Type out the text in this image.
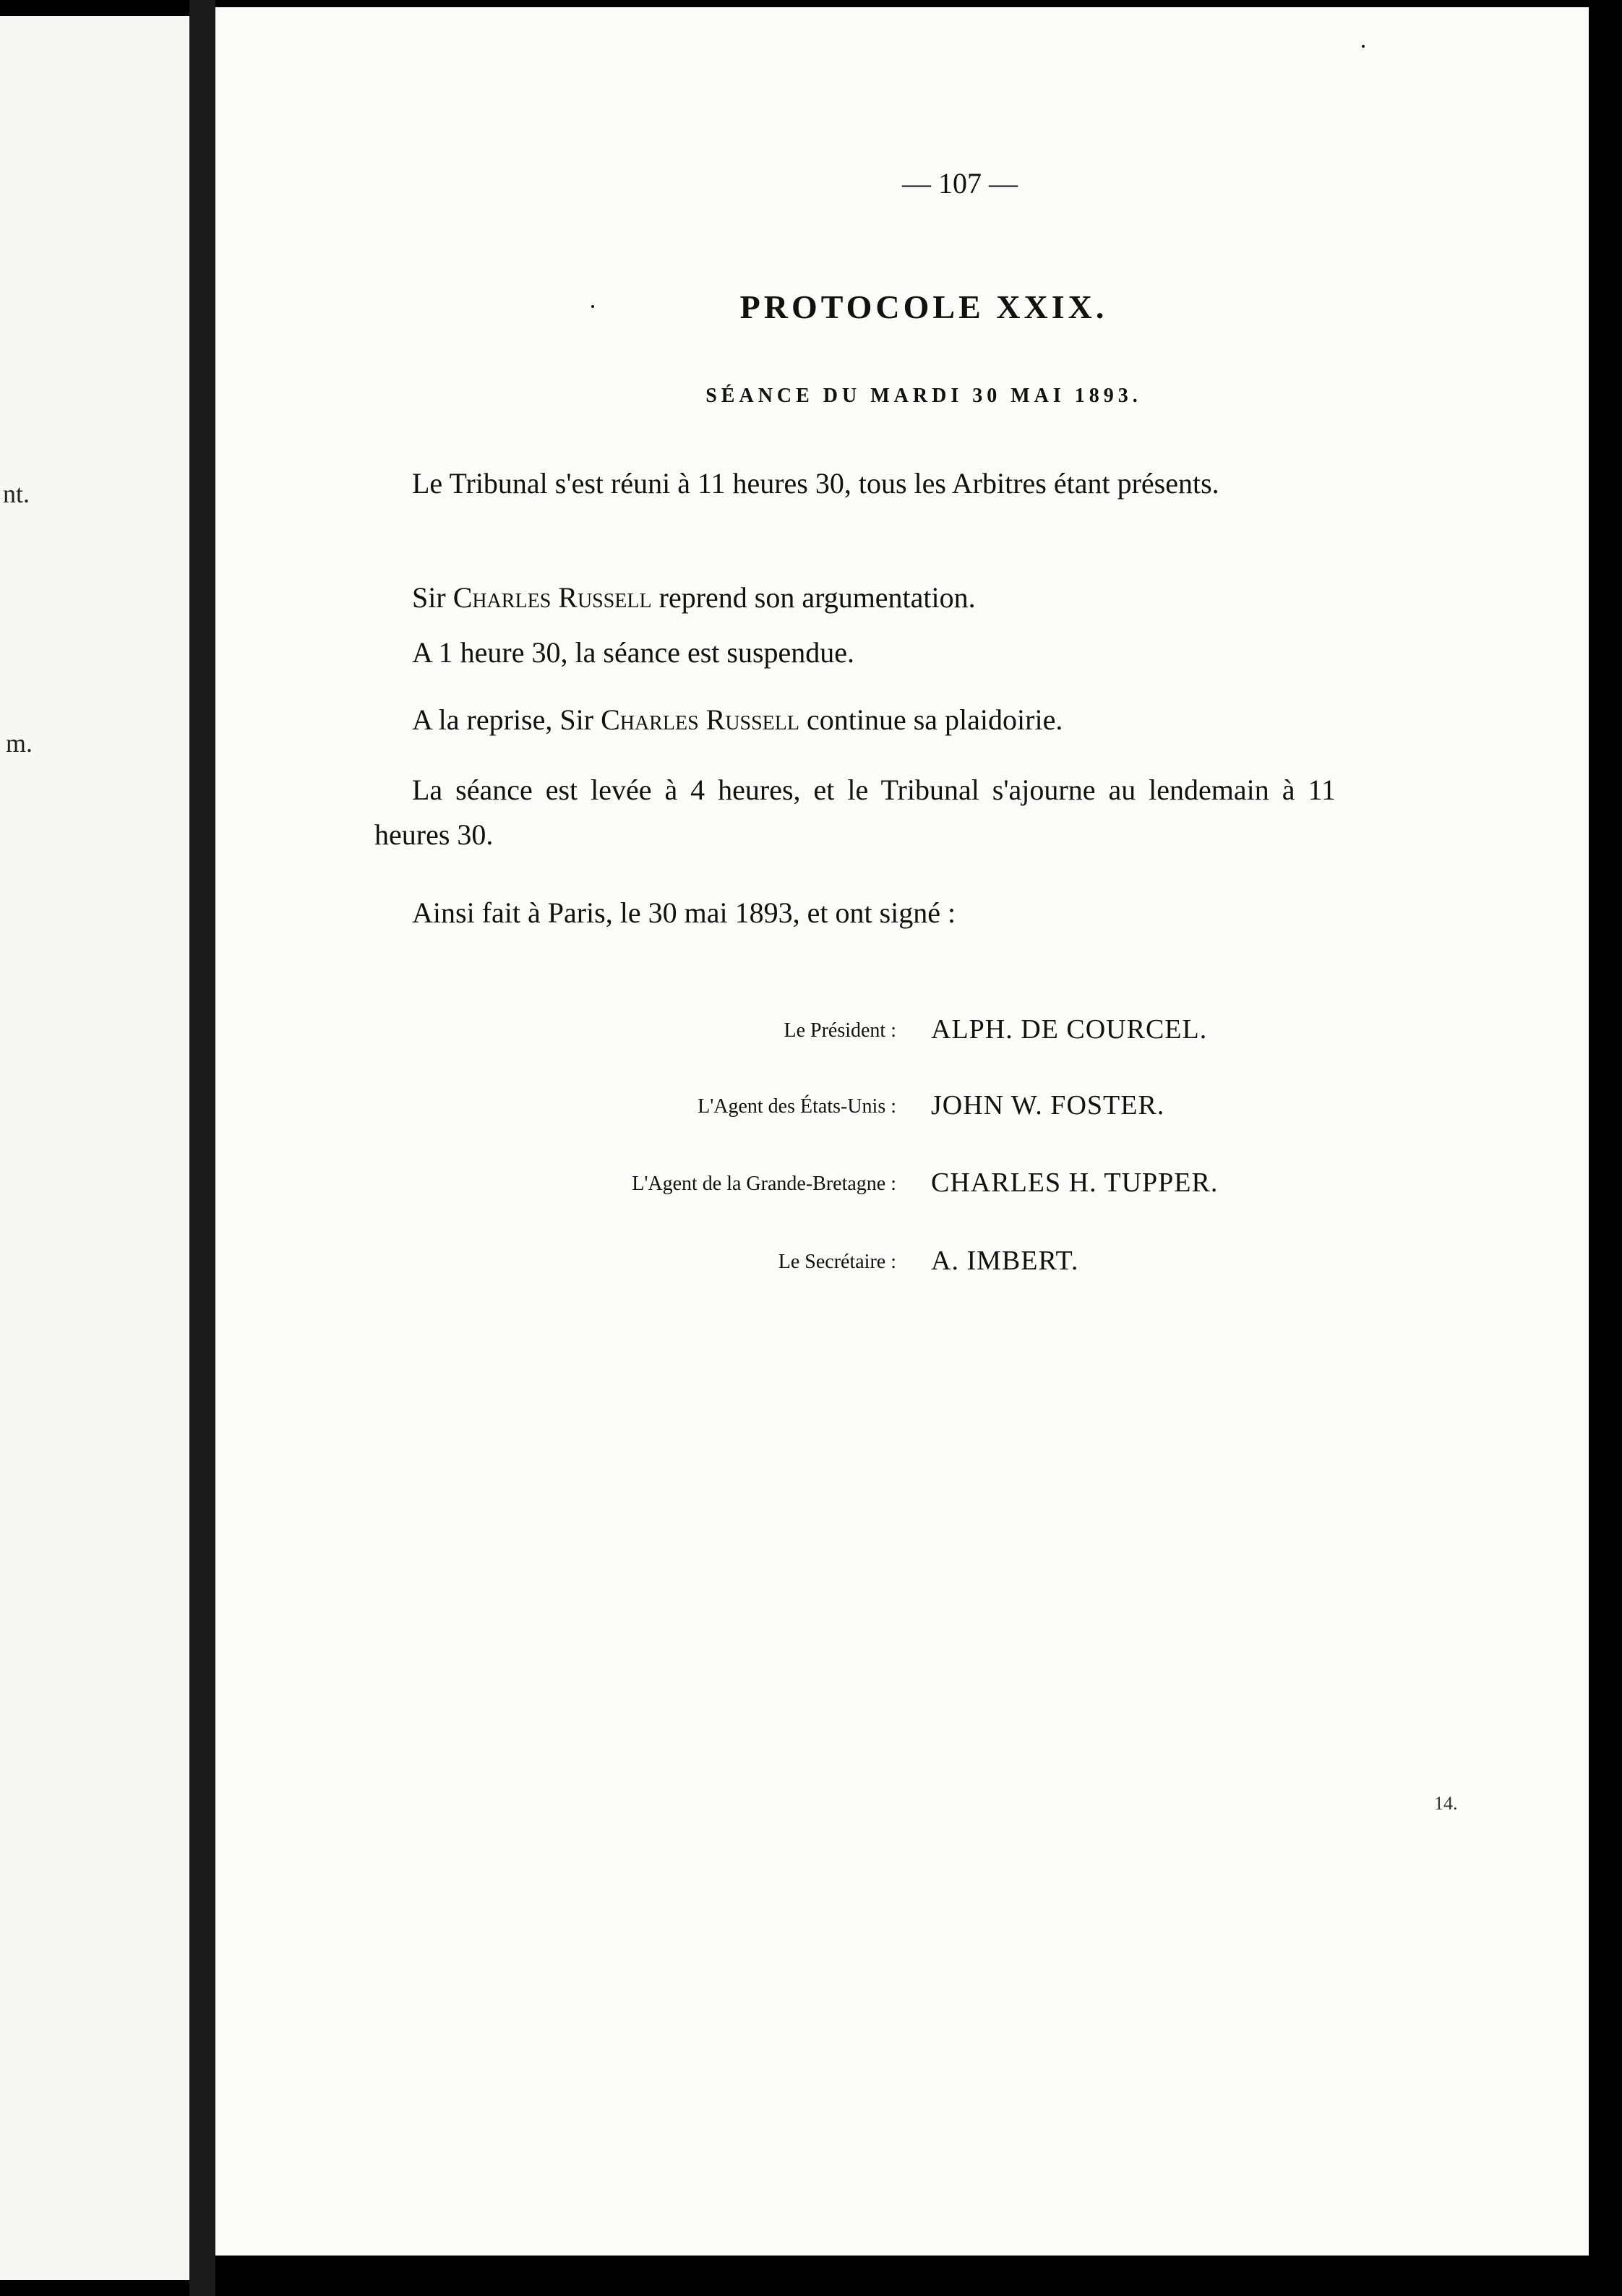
nt.
m.
— 107 —
PROTOCOLE XXIX.
SÉANCE DU MARDI 30 MAI 1893.
Le Tribunal s'est réuni à 11 heures 30, tous les Arbitres étant présents.
Sir Charles Russell reprend son argumentation.
A 1 heure 30, la séance est suspendue.
A la reprise, Sir Charles Russell continue sa plaidoirie.
La séance est levée à 4 heures, et le Tribunal s'ajourne au lendemain à 11 heures 30.
Ainsi fait à Paris, le 30 mai 1893, et ont signé :
Le Président : ALPH. DE COURCEL.
L'Agent des États-Unis : JOHN W. FOSTER.
L'Agent de la Grande-Bretagne : CHARLES H. TUPPER.
Le Secrétaire : A. IMBERT.
14.
